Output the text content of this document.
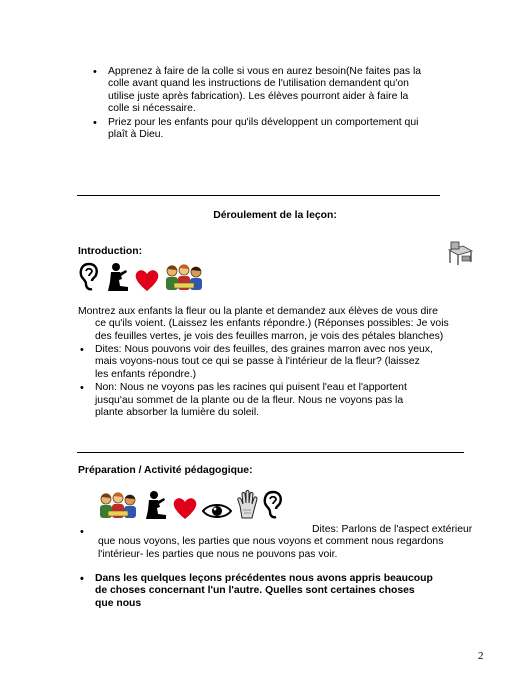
• Apprenez à faire de la colle si vous en aurez besoin(Ne faites pas la colle avant quand les instructions de l'utilisation demandent qu'on utilise juste après fabrication). Les élèves pourront aider à faire la colle si nécessaire.
• Priez pour les enfants pour qu'ils développent un comportement qui plaît à Dieu.
Déroulement de la leçon:
Introduction:
Montrez aux enfants la fleur ou la plante et demandez aux élèves de vous dire ce qu'ils voient. (Laissez les enfants répondre.) (Réponses possibles: Je vois des feuilles vertes, je vois des feuilles marron, je vois des pétales blanches)
• Dites: Nous pouvons voir des feuilles, des graines marron avec nos yeux, mais voyons-nous tout ce qui se passe à l'intérieur de la fleur? (laissez les enfants répondre.)
• Non: Nous ne voyons pas les racines qui puisent l'eau et l'apportent jusqu'au sommet de la plante ou de la fleur. Nous ne voyons pas la plante absorber la lumière du soleil.
Préparation / Activité pédagogique:
•	Dites: Parlons de l'aspect extérieur que nous voyons, les parties que nous voyons et comment nous regardons l'intérieur- les parties que nous ne pouvons pas voir.
• Dans les quelques leçons précédentes nous avons appris beaucoup de choses concernant l'un l'autre. Quelles sont certaines choses que nous
2
